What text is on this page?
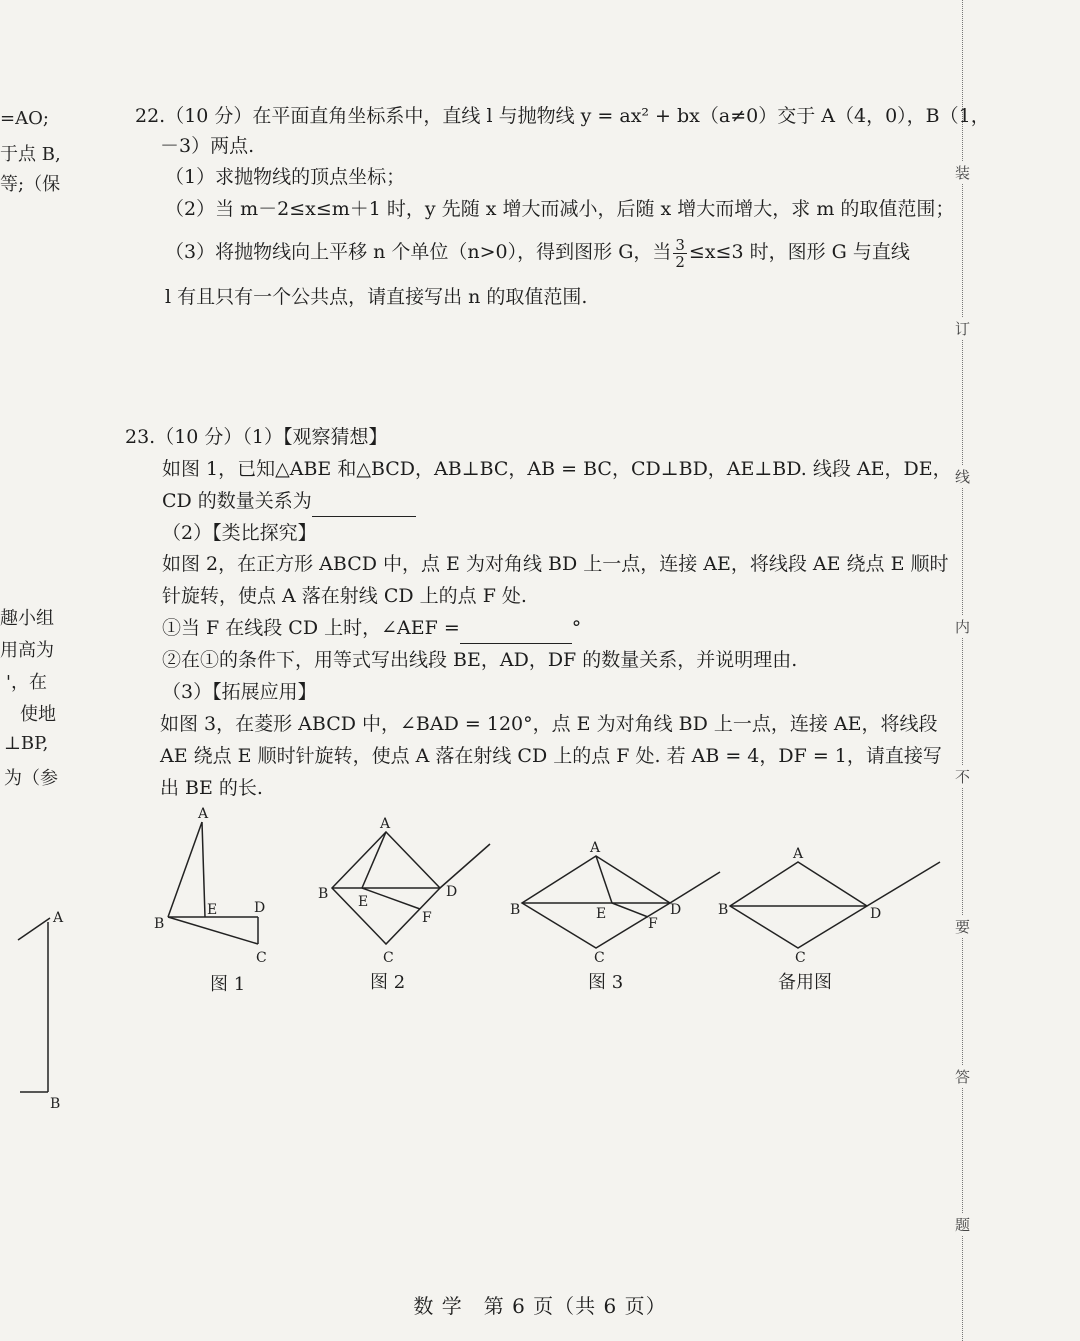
=AO;
于点 B,
等;（保
趣小组
用高为
'，在
使地
⊥BP,
为（参
A
B
22.（10 分）在平面直角坐标系中，直线 l 与抛物线 y = ax² + bx（a≠0）交于 A（4，0），B（1，
－3）两点.
（1）求抛物线的顶点坐标；
（2）当 m－2≤x≤m＋1 时，y 先随 x 增大而减小，后随 x 增大而增大，求 m 的取值范围；
（3）将抛物线向上平移 n 个单位（n>0），得到图形 G，当 $\frac{3}{2} \le x\le 3$ 时，图形 G 与直线
l 有且只有一个公共点，请直接写出 n 的取值范围.
23.（10 分）（1）【观察猜想】
如图 1，已知△ABE 和△BCD，AB⊥BC，AB = BC，CD⊥BD，AE⊥BD. 线段 AE，DE，
CD 的数量关系为
（2）【类比探究】
如图 2，在正方形 ABCD 中，点 E 为对角线 BD 上一点，连接 AE，将线段 AE 绕点 E 顺时
针旋转，使点 A 落在射线 CD 上的点 F 处.
①当 F 在线段 CD 上时，∠AEF =	°
②在①的条件下，用等式写出线段 BE，AD，DF 的数量关系，并说明理由.
（3）【拓展应用】
如图 3，在菱形 ABCD 中，∠BAD = 120°，点 E 为对角线 BD 上一点，连接 AE，将线段
AE 绕点 E 顺时针旋转，使点 A 落在射线 CD 上的点 F 处. 若 AB = 4，DF = 1，请直接写
出 BE 的长.
A
B
E	D
C
A
B E
D
F
C
A
B	E	D
F
C
A
B	D
C
图 1	图 2	图 3	备用图
装
订
线
内
不
要
答
题
数 学　第 6 页（共 6 页）
